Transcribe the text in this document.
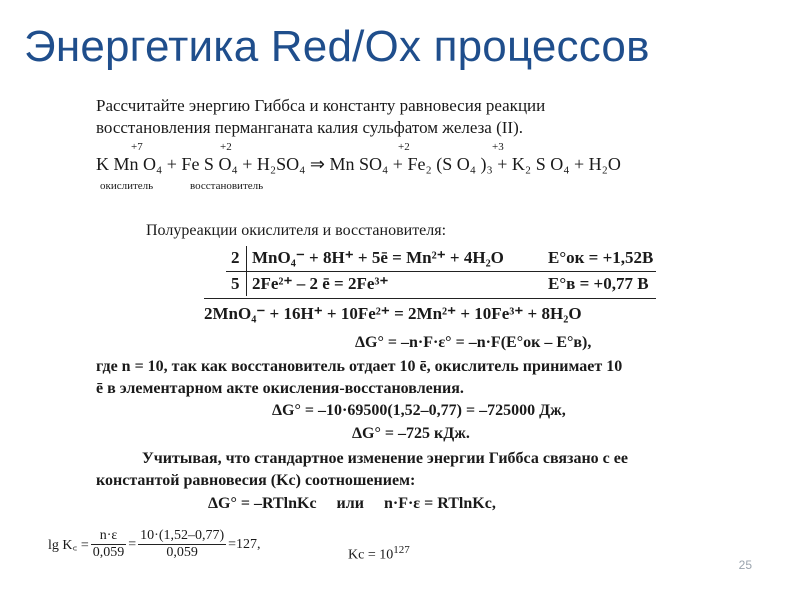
Энергетика Red/Ox процессов
Рассчитайте энергию Гиббса и константу равновесия реакции
восстановления перманганата калия сульфатом железа (II).
+7	+2	+2	+3
K Mn O₄ + Fe S O₄ + H₂SO₄ ⇒ Mn SO₄ + Fe₂ (S O₄ )₃ + K₂ S O₄ + H₂O
окислитель	восстановитель
Полуреакции окислителя и восстановителя:
2 MnO₄⁻ + 8H⁺ + 5ē = Mn²⁺ + 4H₂O	E°ок = +1,52В
5 2Fe²⁺ – 2 ē = 2Fe³⁺	E°в = +0,77 В
2MnO₄⁻ + 16H⁺ + 10Fe²⁺ = 2Mn²⁺ + 10Fe³⁺ + 8H₂O
ΔG° = –n·F·ε° = –n·F(E°ок – E°в),
где n = 10, так как восстановитель отдает 10 ē, окислитель принимает 10
ē в элементарном акте окисления-восстановления.
ΔG° = –10·69500(1,52–0,77) = –725000 Дж,
ΔG° = –725 кДж.
Учитывая, что стандартное изменение энергии Гиббса связано с ее
константой равновесия (Kc) соотношением:
ΔG° = –RTlnKc     или     n·F·ε = RTlnKc,
lg K꜀ = $\frac{n\cdot\varepsilon}{0,059} = \frac{10\cdot(1,52-0,77)}{0,059} =127$,
$Kc = 10^{127}$
25
